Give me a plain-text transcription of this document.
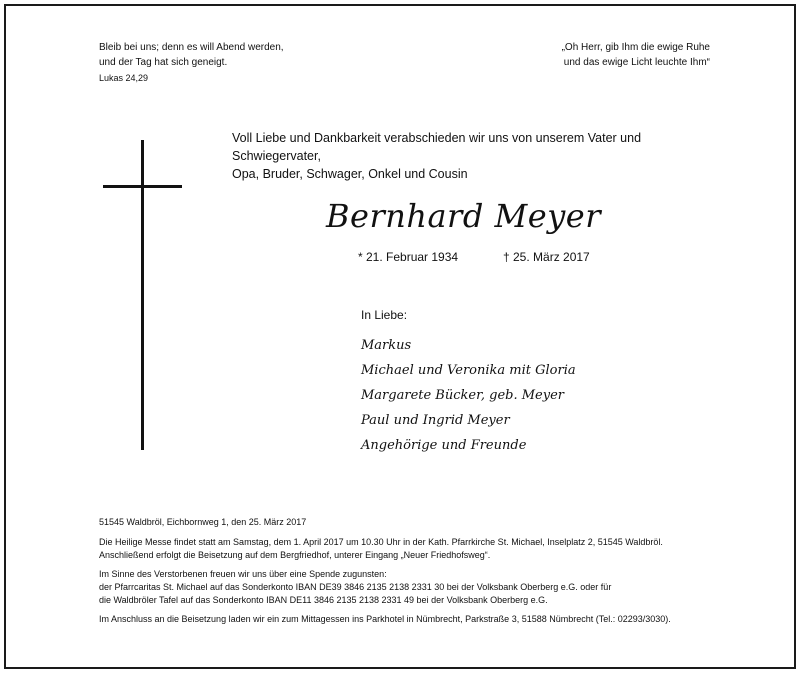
Bleib bei uns; denn es will Abend werden,
und der Tag hat sich geneigt.
Lukas 24,29
„Oh Herr, gib Ihm die ewige Ruhe
und das ewige Licht leuchte Ihm“
Voll Liebe und Dankbarkeit verabschieden wir uns von unserem Vater und Schwiegervater,
Opa, Bruder, Schwager, Onkel und Cousin
Bernhard Meyer
* 21. Februar 1934	† 25. März 2017
In Liebe:
Markus
Michael und Veronika mit Gloria
Margarete Bücker, geb. Meyer
Paul und Ingrid Meyer
Angehörige und Freunde

51545 Waldbröl, Eichbornweg 1, den 25. März 2017

Die Heilige Messe findet statt am Samstag, dem 1. April 2017 um 10.30 Uhr in der Kath. Pfarrkirche St. Michael, Inselplatz 2, 51545 Waldbröl.
Anschließend erfolgt die Beisetzung auf dem Bergfriedhof, unterer Eingang „Neuer Friedhofsweg“.

Im Sinne des Verstorbenen freuen wir uns über eine Spende zugunsten:
der Pfarrcaritas St. Michael auf das Sonderkonto IBAN DE39 3846 2135 2138 2331 30 bei der Volksbank Oberberg e.G. oder für
die Waldbröler Tafel auf das Sonderkonto IBAN DE11 3846 2135 2138 2331 49 bei der Volksbank Oberberg e.G.

Im Anschluss an die Beisetzung laden wir ein zum Mittagessen ins Parkhotel in Nümbrecht, Parkstraße 3, 51588 Nümbrecht (Tel.: 02293/3030).
